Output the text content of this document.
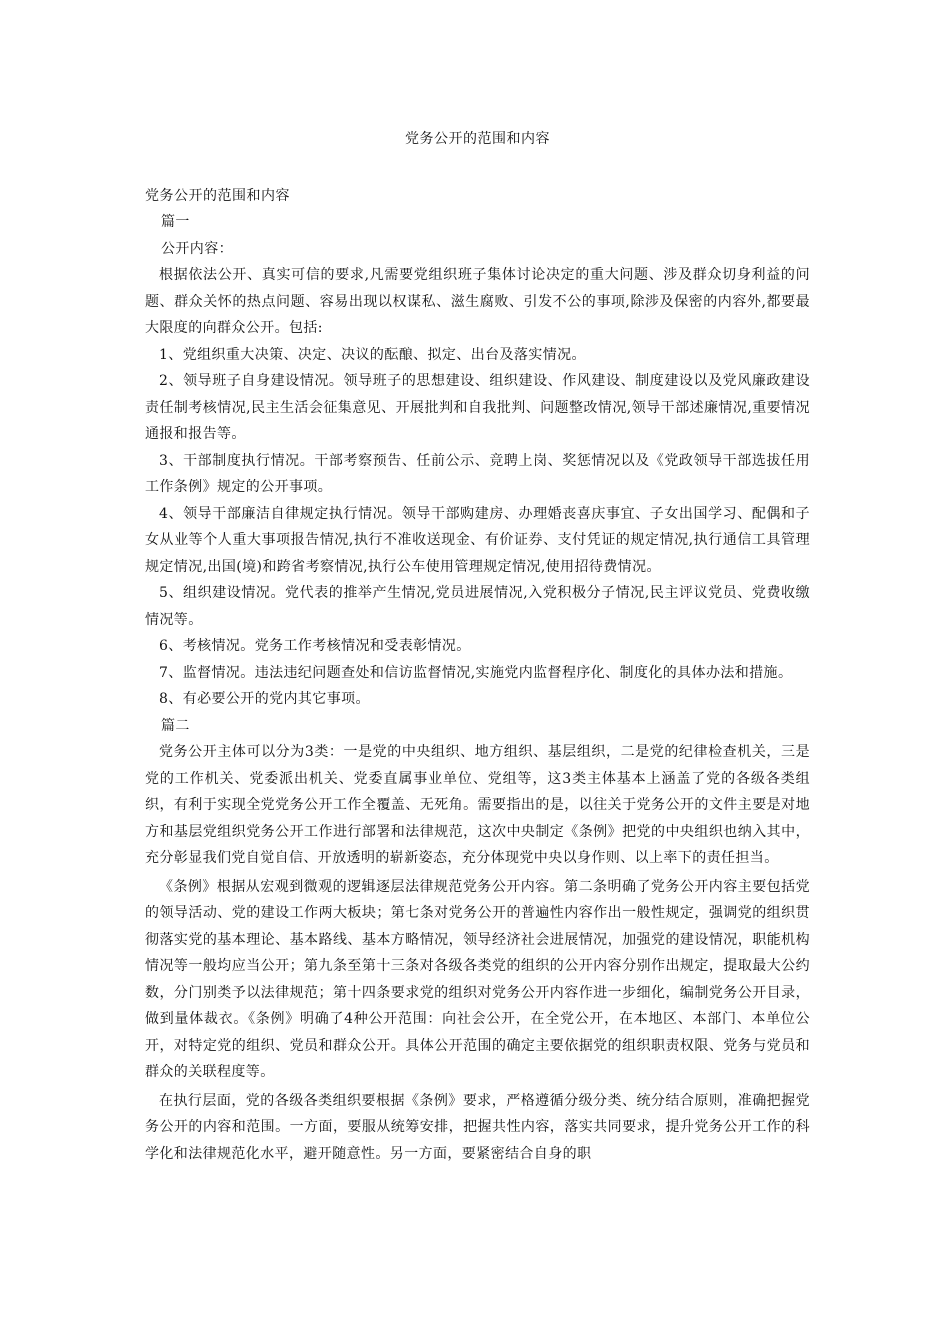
党务公开的范围和内容
党务公开的范围和内容
篇一
公开内容：
根据依法公开、真实可信的要求,凡需要党组织班子集体讨论决定的重大问题、涉及群众切身利益的问题、群众关怀的热点问题、容易出现以权谋私、滋生腐败、引发不公的事项,除涉及保密的内容外,都要最大限度的向群众公开。包括:
1、党组织重大决策、决定、决议的酝酿、拟定、出台及落实情况。
2、领导班子自身建设情况。领导班子的思想建设、组织建设、作风建设、制度建设以及党风廉政建设责任制考核情况,民主生活会征集意见、开展批判和自我批判、问题整改情况,领导干部述廉情况,重要情况通报和报告等。
3、干部制度执行情况。干部考察预告、任前公示、竞聘上岗、奖惩情况以及《党政领导干部选拔任用工作条例》规定的公开事项。
4、领导干部廉洁自律规定执行情况。领导干部购建房、办理婚丧喜庆事宜、子女出国学习、配偶和子女从业等个人重大事项报告情况,执行不准收送现金、有价证券、支付凭证的规定情况,执行通信工具管理规定情况,出国(境)和跨省考察情况,执行公车使用管理规定情况,使用招待费情况。
5、组织建设情况。党代表的推举产生情况,党员进展情况,入党积极分子情况,民主评议党员、党费收缴情况等。
6、考核情况。党务工作考核情况和受表彰情况。
7、监督情况。违法违纪问题查处和信访监督情况,实施党内监督程序化、制度化的具体办法和措施。
8、有必要公开的党内其它事项。
篇二
党务公开主体可以分为3类：一是党的中央组织、地方组织、基层组织，二是党的纪律检查机关，三是党的工作机关、党委派出机关、党委直属事业单位、党组等，这3类主体基本上涵盖了党的各级各类组织，有利于实现全党党务公开工作全覆盖、无死角。需要指出的是，以往关于党务公开的文件主要是对地方和基层党组织党务公开工作进行部署和法律规范，这次中央制定《条例》把党的中央组织也纳入其中，充分彰显我们党自觉自信、开放透明的崭新姿态，充分体现党中央以身作则、以上率下的责任担当。
《条例》根据从宏观到微观的逻辑逐层法律规范党务公开内容。第二条明确了党务公开内容主要包括党的领导活动、党的建设工作两大板块；第七条对党务公开的普遍性内容作出一般性规定，强调党的组织贯彻落实党的基本理论、基本路线、基本方略情况，领导经济社会进展情况，加强党的建设情况，职能机构情况等一般均应当公开；第九条至第十三条对各级各类党的组织的公开内容分别作出规定，提取最大公约数，分门别类予以法律规范；第十四条要求党的组织对党务公开内容作进一步细化，编制党务公开目录，做到量体裁衣。《条例》明确了4种公开范围：向社会公开，在全党公开，在本地区、本部门、本单位公开，对特定党的组织、党员和群众公开。具体公开范围的确定主要依据党的组织职责权限、党务与党员和群众的关联程度等。
在执行层面，党的各级各类组织要根据《条例》要求，严格遵循分级分类、统分结合原则，准确把握党务公开的内容和范围。一方面，要服从统筹安排，把握共性内容，落实共同要求，提升党务公开工作的科学化和法律规范化水平，避开随意性。另一方面，要紧密结合自身的职
